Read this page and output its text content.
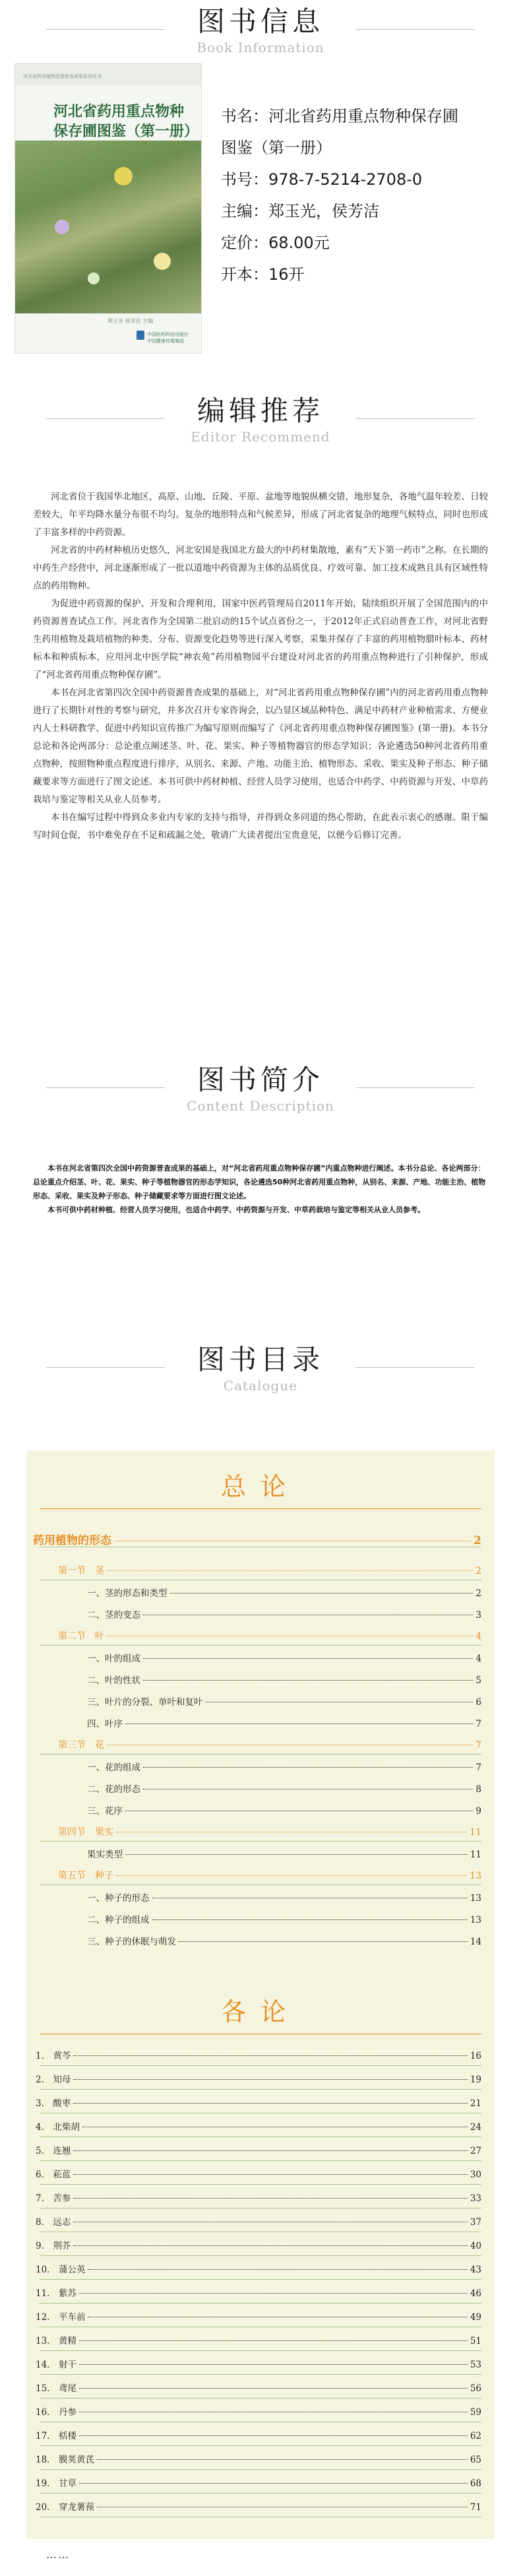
图书信息
Book Information
河北省药用植物资源普查成果系列丛书
河北省药用重点物种
保存圃图鉴（第一册）
郑玉光 侯芳洁 主编
中国医药科技出版社
中国健康传媒集团
书名：河北省药用重点物种保存圃
图鉴（第一册）
书号：978-7-5214-2708-0
主编：郑玉光，侯芳洁
定价：68.00元
开本：16开
编辑推荐
Editor Recommend

河北省位于我国华北地区，高原、山地、丘陵、平原、盆地等地貌纵横交错，地形复杂，各地气温年较差、日较差较大，年平均降水量分布很不均匀。复杂的地形特点和气候差异，形成了河北省复杂的地理气候特点，同时也形成了丰富多样的中药资源。

河北省的中药材种植历史悠久，河北安国是我国北方最大的中药材集散地，素有“天下第一药市”之称。在长期的中药生产经营中，河北逐渐形成了一批以道地中药资源为主体的品质优良、疗效可靠、加工技术成熟且具有区域性特点的药用物种。

为促进中药资源的保护、开发和合理利用，国家中医药管理局自2011年开始，陆续组织开展了全国范围内的中药资源普查试点工作。河北省作为全国第二批启动的15个试点省份之一，于2012年正式启动普查工作，对河北省野生药用植物及栽培植物的种类、分布、资源变化趋势等进行深入考察，采集并保存了丰富的药用植物腊叶标本、药材标本和种质标本，应用河北中医学院“神农苑”药用植物园平台建设对河北省的药用重点物种进行了引种保护，形成了“河北省药用重点物种保存圃”。

本书在河北省第四次全国中药资源普查成果的基础上，对“河北省药用重点物种保存圃”内的河北省药用重点物种进行了长期针对性的考察与研究，并多次召开专家咨询会，以凸显区域品种特色、满足中药材产业种植需求、方便业内人士科研教学、促进中药知识宣传推广为编写原则而编写了《河北省药用重点物种保存圃图鉴》(第一册)。本书分总论和各论两部分：总论重点阐述茎、叶、花、果实、种子等植物器官的形态学知识；各论遴选50种河北省药用重点物种，按照物种重点程度进行排序，从别名、来源、产地、功能主治、植物形态、采收、果实及种子形态、种子储藏要求等方面进行了图文论述。本书可供中药材种植、经营人员学习使用，也适合中药学、中药资源与开发、中草药栽培与鉴定等相关从业人员参考。

本书在编写过程中得到众多业内专家的支持与指导，并得到众多同道的热心帮助，在此表示衷心的感谢。限于编写时间仓促，书中难免存在不足和疏漏之处，敬请广大读者提出宝贵意见，以便今后修订完善。

图书简介
Content Description

本书在河北省第四次全国中药资源普查成果的基础上，对“河北省药用重点物种保存圃”内重点物种进行阐述。本书分总论、各论两部分：总论重点介绍茎、叶、花、果实、种子等植物器官的形态学知识，各论遴选50种河北省药用重点物种，从别名、来源、产地、功能主治、植物形态、采收、果实及种子形态、种子储藏要求等方面进行图文论述。

本书可供中药材种植、经营人员学习使用，也适合中药学、中药资源与开发、中草药栽培与鉴定等相关从业人员参考。

图书目录
Catalogue
总论
药用植物的形态	2
第一节　茎	2
一、茎的形态和类型	2
二、茎的变态	3
第二节　叶	4
一、叶的组成	4
二、叶的性状	5
三、叶片的分裂、单叶和复叶	6
四、叶序	7
第三节　花	7
一、花的组成	7
二、花的形态	8
三、花序	9
第四节　果实	11
果实类型	11
第五节　种子	13
一、种子的形态	13
二、种子的组成	13
三、种子的休眠与萌发	14
各论
1.　黄芩	16
2.　知母	19
3.　酸枣	21
4.　北柴胡	24
5.　连翘	27
6.　菘蓝	30
7.　苦参	33
8.　远志	37
9.　荆芥	40
10.　蒲公英	43
11.　紫苏	46
12.　平车前	49
13.　黄精	51
14.　射干	53
15.　鸢尾	56
16.　丹参	59
17.　栝楼	62
18.　膜荚黄芪	65
19.　甘草	68
20.　穿龙薯蓣	71
……
